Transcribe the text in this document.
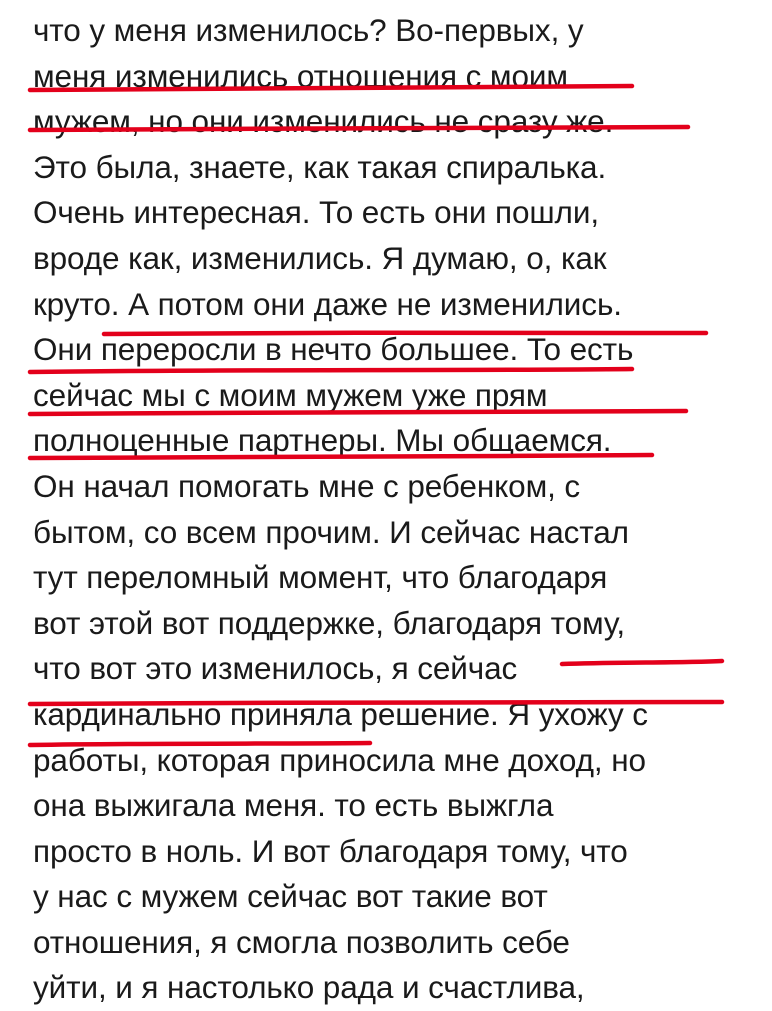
что у меня изменилось? Во-первых, у
меня изменились отношения с моим
мужем, но они изменились не сразу же.
Это была, знаете, как такая спиралька.
Очень интересная. То есть они пошли,
вроде как, изменились. Я думаю, о, как
круто. А потом они даже не изменились.
Они переросли в нечто большее. То есть
сейчас мы с моим мужем уже прям
полноценные партнеры. Мы общаемся.
Он начал помогать мне с ребенком, с
бытом, со всем прочим. И сейчас настал
тут переломный момент, что благодаря
вот этой вот поддержке, благодаря тому,
что вот это изменилось, я сейчас
кардинально приняла решение. Я ухожу с
работы, которая приносила мне доход, но
она выжигала меня. то есть выжгла
просто в ноль. И вот благодаря тому, что
у нас с мужем сейчас вот такие вот
отношения, я смогла позволить себе
уйти, и я настолько рада и счастлива,
